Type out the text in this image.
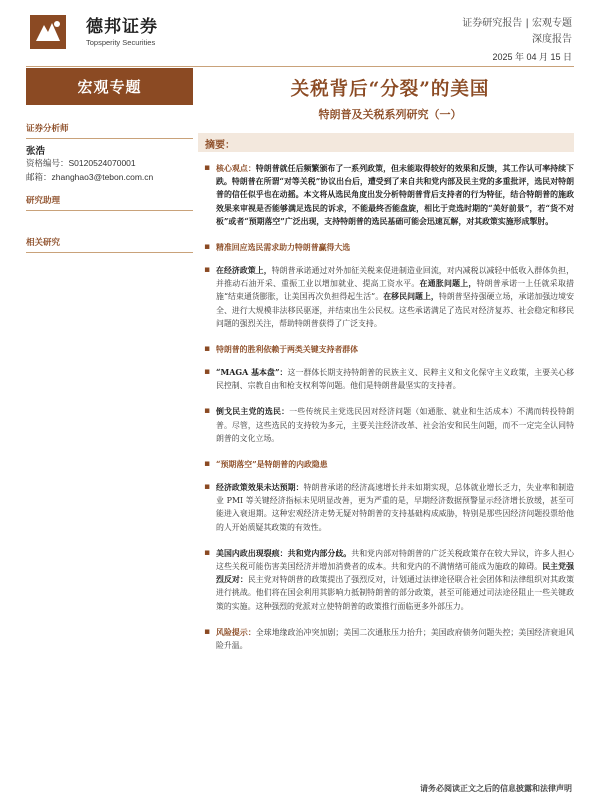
德邦证券
Topsperity Securities
证券研究报告 | 宏观专题
深度报告
2025 年 04 月 15 日
宏观专题
证券分析师
张浩
资格编号：S0120524070001
邮箱：zhanghao3@tebon.com.cn
研究助理
相关研究
关税背后“分裂”的美国
特朗普及关税系列研究（一）
摘要：
▪ 核心观点：特朗普就任后频繁颁布了一系列政策，但未能取得较好的效果和反馈，其工作认可率持续下跌。特朗普在所谓“对等关税”协议出台后，遭受到了来自共和党内部及民主党的多重批评，选民对特朗普的信任似乎也在动摇。本文将从选民角度出发分析特朗普背后支持者的行为特征，结合特朗普的施政效果来审视是否能够满足选民的诉求，不能最终否能盘旋，相比于竞选时期的“美好前景”，若“货不对板”或者“预期落空”广泛出现，支持特朗普的选民基础可能会迅速瓦解，对其政策实施形成掣肘。
▪ 精准回应选民需求助力特朗普赢得大选
▪ 在经济政策上，特朗普承诺通过对外加征关税来促进制造业回流，对内减税以减轻中低收入群体负担，并推动石油开采、重振工业以增加就业、提高工资水平。在通胀问题上，特朗普承诺一上任就采取措施“结束通货膨胀，让美国再次负担得起生活”。在移民问题上，特朗普坚持强硬立场，承诺加强边境安全、进行大规模非法移民驱逐，并结束出生公民权。这些承诺满足了选民对经济复苏、社会稳定和移民问题的强烈关注，帮助特朗普获得了广泛支持。
▪ 特朗普的胜利依赖于两类关键支持者群体
▪ “MAGA 基本盘”：这一群体长期支持特朗普的民族主义、民粹主义和文化保守主义政策，主要关心移民控制、宗教自由和枪支权利等问题。他们是特朗普最坚实的支持者。
▪ 倒戈民主党的选民：一些传统民主党选民因对经济问题（如通胀、就业和生活成本）不满而转投特朗普。尽管，这些选民的支持较为多元，主要关注经济改革、社会治安和民生问题，而不一定完全认同特朗普的文化立场。
▪ “预期落空”是特朗普的内政隐患
▪ 经济政策效果未达预期：特朗普承诺的经济高速增长并未如期实现，总体就业增长乏力，失业率和制造业 PMI 等关键经济指标未见明显改善，更为严重的是，早期经济数据预警显示经济增长放缓，甚至可能进入衰退期。这种宏观经济走势无疑对特朗普的支持基础构成威胁，特别是那些因经济问题投票给他的人开始质疑其政策的有效性。
▪ 美国内政出现裂痕：共和党内部分歧。共和党内部对特朗普的广泛关税政策存在较大异议，许多人担心这些关税可能伤害美国经济并增加消费者的成本。共和党内的不满情绪可能成为施政的障碍。民主党强烈反对：民主党对特朗普的政策提出了强烈反对，计划通过法律途径联合社会团体和法律组织对其政策进行挑战。他们将在国会利用其影响力抵制特朗普的部分政策，甚至可能通过司法途径阻止一些关键政策的实施。这种强烈的党派对立使特朗普的政策推行面临更多外部压力。
▪ 风险提示：全球地缘政治冲突加剧；美国二次通胀压力抬升；美国政府债务问题失控；美国经济衰退风险升温。
请务必阅读正文之后的信息披露和法律声明
